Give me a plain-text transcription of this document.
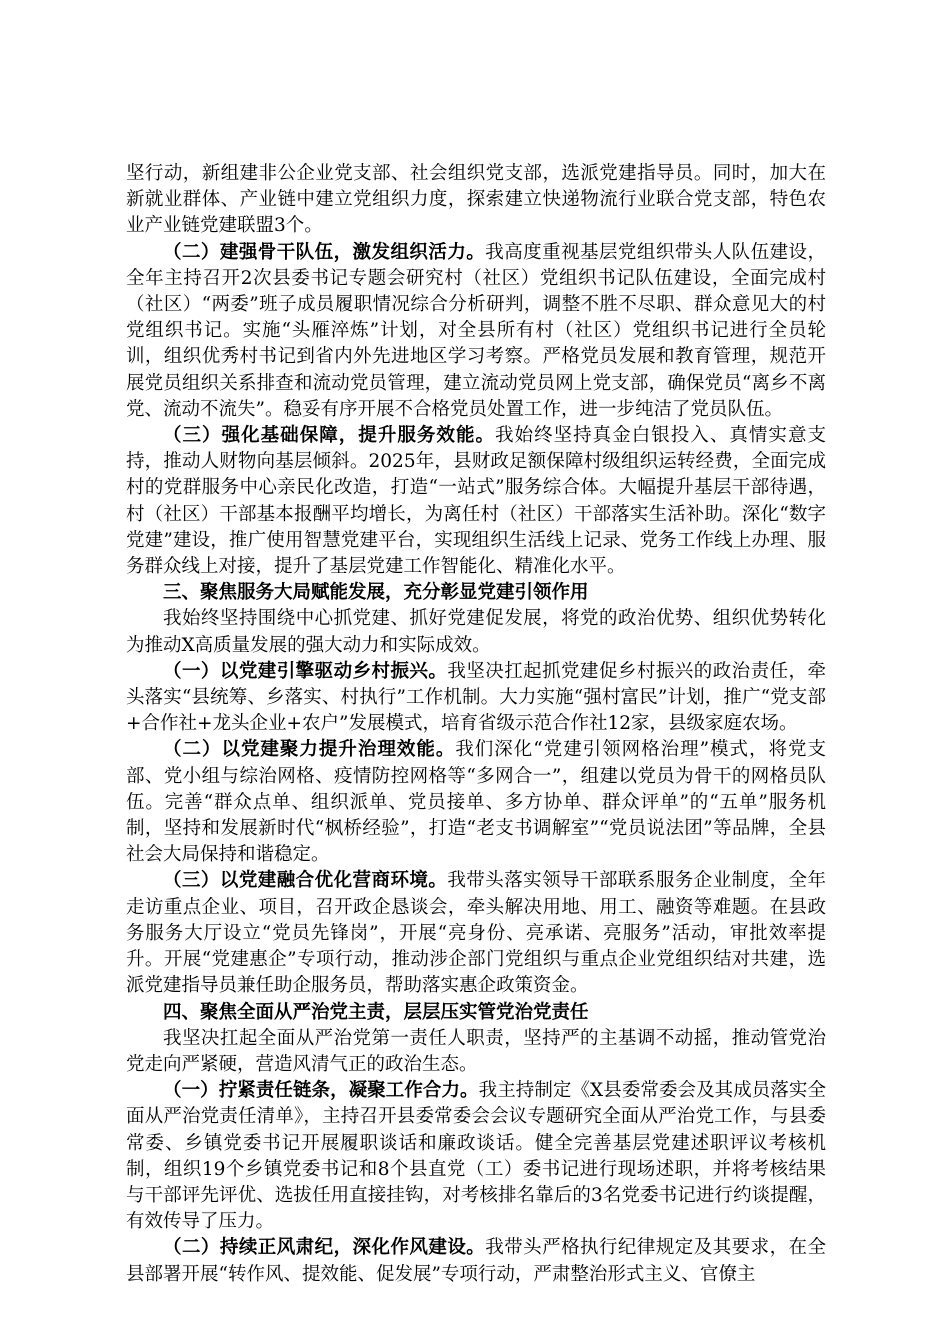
坚行动，新组建非公企业党支部、社会组织党支部，选派党建指导员。同时，加大在新就业群体、产业链中建立党组织力度，探索建立快递物流行业联合党支部，特色农业产业链党建联盟3个。

（二）建强骨干队伍，激发组织活力。我高度重视基层党组织带头人队伍建设，全年主持召开2次县委书记专题会研究村（社区）党组织书记队伍建设，全面完成村（社区）“两委”班子成员履职情况综合分析研判，调整不胜不尽职、群众意见大的村党组织书记。实施“头雁淬炼”计划，对全县所有村（社区）党组织书记进行全员轮训，组织优秀村书记到省内外先进地区学习考察。严格党员发展和教育管理，规范开展党员组织关系排查和流动党员管理，建立流动党员网上党支部，确保党员“离乡不离党、流动不流失”。稳妥有序开展不合格党员处置工作，进一步纯洁了党员队伍。

（三）强化基础保障，提升服务效能。我始终坚持真金白银投入、真情实意支持，推动人财物向基层倾斜。2025年，县财政足额保障村级组织运转经费，全面完成村的党群服务中心亲民化改造，打造“一站式”服务综合体。大幅提升基层干部待遇，村（社区）干部基本报酬平均增长，为离任村（社区）干部落实生活补助。深化“数字党建”建设，推广使用智慧党建平台，实现组织生活线上记录、党务工作线上办理、服务群众线上对接，提升了基层党建工作智能化、精准化水平。

三、聚焦服务大局赋能发展，充分彰显党建引领作用

我始终坚持围绕中心抓党建、抓好党建促发展，将党的政治优势、组织优势转化为推动X高质量发展的强大动力和实际成效。

（一）以党建引擎驱动乡村振兴。我坚决扛起抓党建促乡村振兴的政治责任，牵头落实“县统筹、乡落实、村执行”工作机制。大力实施“强村富民”计划，推广“党支部+合作社+龙头企业+农户”发展模式，培育省级示范合作社12家，县级家庭农场。

（二）以党建聚力提升治理效能。我们深化“党建引领网格治理”模式，将党支部、党小组与综治网格、疫情防控网格等“多网合一”，组建以党员为骨干的网格员队伍。完善“群众点单、组织派单、党员接单、多方协单、群众评单”的“五单”服务机制，坚持和发展新时代“枫桥经验”，打造“老支书调解室”“党员说法团”等品牌，全县社会大局保持和谐稳定。

（三）以党建融合优化营商环境。我带头落实领导干部联系服务企业制度，全年走访重点企业、项目，召开政企恳谈会，牵头解决用地、用工、融资等难题。在县政务服务大厅设立“党员先锋岗”，开展“亮身份、亮承诺、亮服务”活动，审批效率提升。开展“党建惠企”专项行动，推动涉企部门党组织与重点企业党组织结对共建，选派党建指导员兼任助企服务员，帮助落实惠企政策资金。

四、聚焦全面从严治党主责，层层压实管党治党责任

我坚决扛起全面从严治党第一责任人职责，坚持严的主基调不动摇，推动管党治党走向严紧硬，营造风清气正的政治生态。

（一）拧紧责任链条，凝聚工作合力。我主持制定《X县委常委会及其成员落实全面从严治党责任清单》，主持召开县委常委会会议专题研究全面从严治党工作，与县委常委、乡镇党委书记开展履职谈话和廉政谈话。健全完善基层党建述职评议考核机制，组织19个乡镇党委书记和8个县直党（工）委书记进行现场述职，并将考核结果与干部评先评优、选拔任用直接挂钩，对考核排名靠后的3名党委书记进行约谈提醒，有效传导了压力。

（二）持续正风肃纪，深化作风建设。我带头严格执行纪律规定及其要求，在全县部署开展“转作风、提效能、促发展”专项行动，严肃整治形式主义、官僚主
